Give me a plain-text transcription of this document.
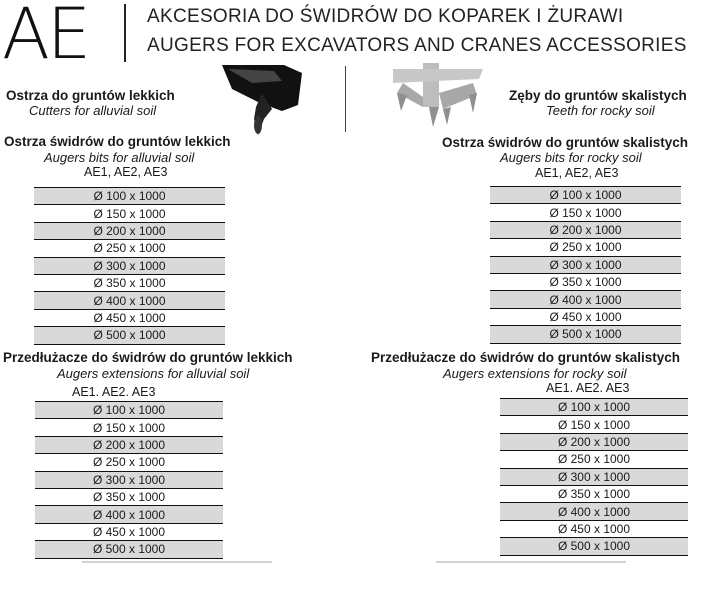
AE	AKCESORIA DO ŚWIDRÓW DO KOPAREK I ŻURAWI
AUGERS FOR EXCAVATORS AND CRANES ACCESSORIES
Ostrza do gruntów lekkich
Cutters for alluvial soil
Zęby do gruntów skalistych
Teeth for rocky soil
Ostrza świdrów do gruntów lekkich
Augers bits for alluvial soil
AE1, AE2, AE3
Ø 100 x 1000
Ø 150 x 1000
Ø 200 x 1000
Ø 250 x 1000
Ø 300 x 1000
Ø 350 x 1000
Ø 400 x 1000
Ø 450 x 1000
Ø 500 x 1000
Ostrza świdrów do gruntów skalistych
Augers bits for rocky soil
AE1, AE2, AE3
Ø 100 x 1000
Ø 150 x 1000
Ø 200 x 1000
Ø 250 x 1000
Ø 300 x 1000
Ø 350 x 1000
Ø 400 x 1000
Ø 450 x 1000
Ø 500 x 1000
Przedłużacze do świdrów do gruntów lekkich
Augers extensions for alluvial soil
AE1. AE2. AE3
Ø 100 x 1000
Ø 150 x 1000
Ø 200 x 1000
Ø 250 x 1000
Ø 300 x 1000
Ø 350 x 1000
Ø 400 x 1000
Ø 450 x 1000
Ø 500 x 1000
Przedłużacze do świdrów do gruntów skalistych
Augers extensions for rocky soil
AE1. AE2. AE3
Ø 100 x 1000
Ø 150 x 1000
Ø 200 x 1000
Ø 250 x 1000
Ø 300 x 1000
Ø 350 x 1000
Ø 400 x 1000
Ø 450 x 1000
Ø 500 x 1000
